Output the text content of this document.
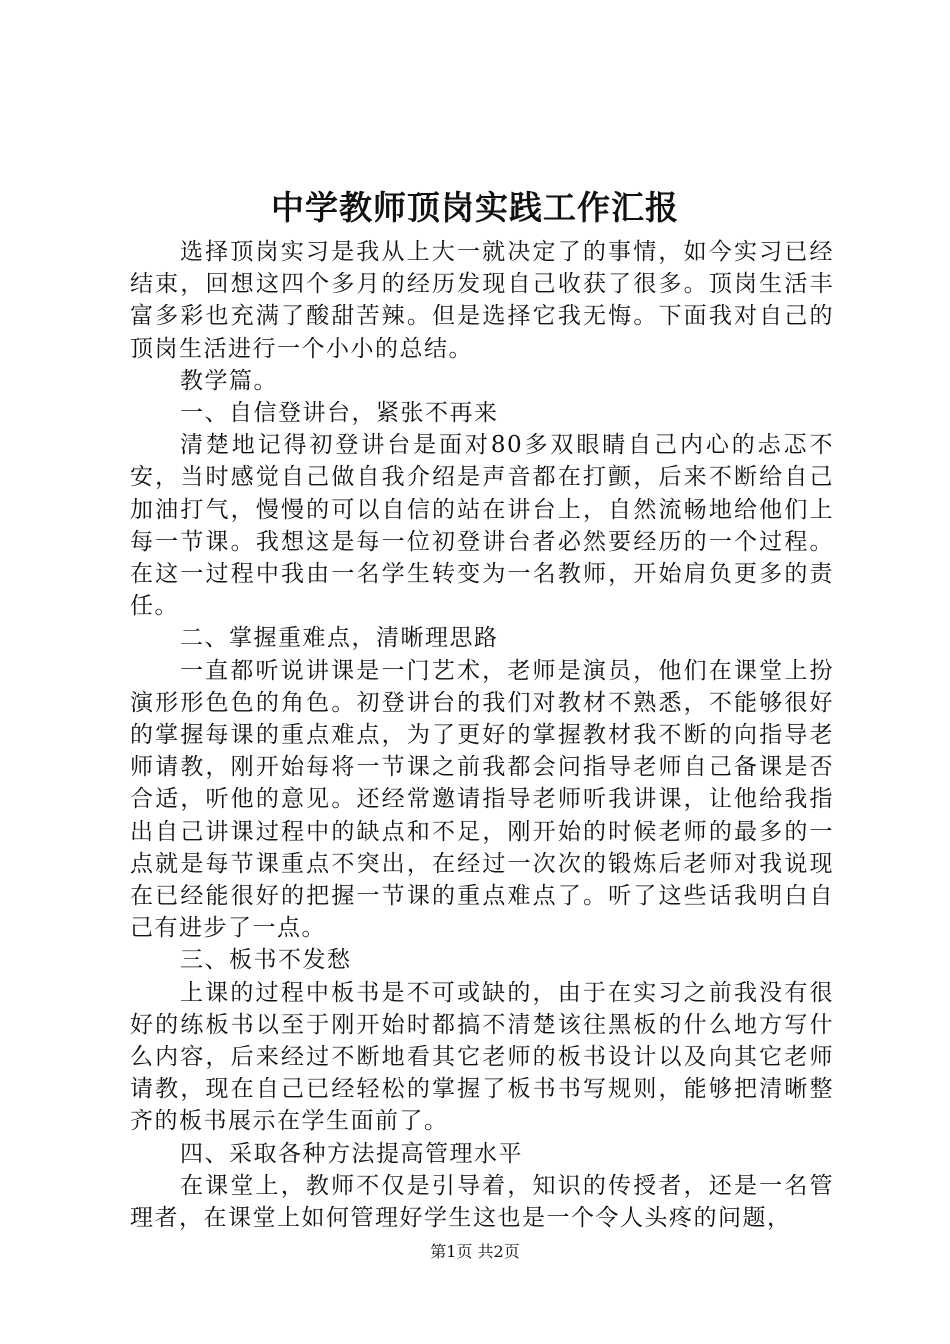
中学教师顶岗实践工作汇报

选择顶岗实习是我从上大一就决定了的事情，如今实习已经结束，回想这四个多月的经历发现自己收获了很多。顶岗生活丰富多彩也充满了酸甜苦辣。但是选择它我无悔。下面我对自己的顶岗生活进行一个小小的总结。

教学篇。

一、自信登讲台，紧张不再来

清楚地记得初登讲台是面对80多双眼睛自己内心的忐忑不安，当时感觉自己做自我介绍是声音都在打颤，后来不断给自己加油打气，慢慢的可以自信的站在讲台上，自然流畅地给他们上每一节课。我想这是每一位初登讲台者必然要经历的一个过程。在这一过程中我由一名学生转变为一名教师，开始肩负更多的责任。

二、掌握重难点，清晰理思路

一直都听说讲课是一门艺术，老师是演员，他们在课堂上扮演形形色色的角色。初登讲台的我们对教材不熟悉，不能够很好的掌握每课的重点难点，为了更好的掌握教材我不断的向指导老师请教，刚开始每将一节课之前我都会问指导老师自己备课是否合适，听他的意见。还经常邀请指导老师听我讲课，让他给我指出自己讲课过程中的缺点和不足，刚开始的时候老师的最多的一点就是每节课重点不突出，在经过一次次的锻炼后老师对我说现在已经能很好的把握一节课的重点难点了。听了这些话我明白自己有进步了一点。

三、板书不发愁

上课的过程中板书是不可或缺的，由于在实习之前我没有很好的练板书以至于刚开始时都搞不清楚该往黑板的什么地方写什么内容，后来经过不断地看其它老师的板书设计以及向其它老师请教，现在自己已经轻松的掌握了板书书写规则，能够把清晰整齐的板书展示在学生面前了。

四、采取各种方法提高管理水平

在课堂上，教师不仅是引导着，知识的传授者，还是一名管理者，在课堂上如何管理好学生这也是一个令人头疼的问题，

第1页 共2页
